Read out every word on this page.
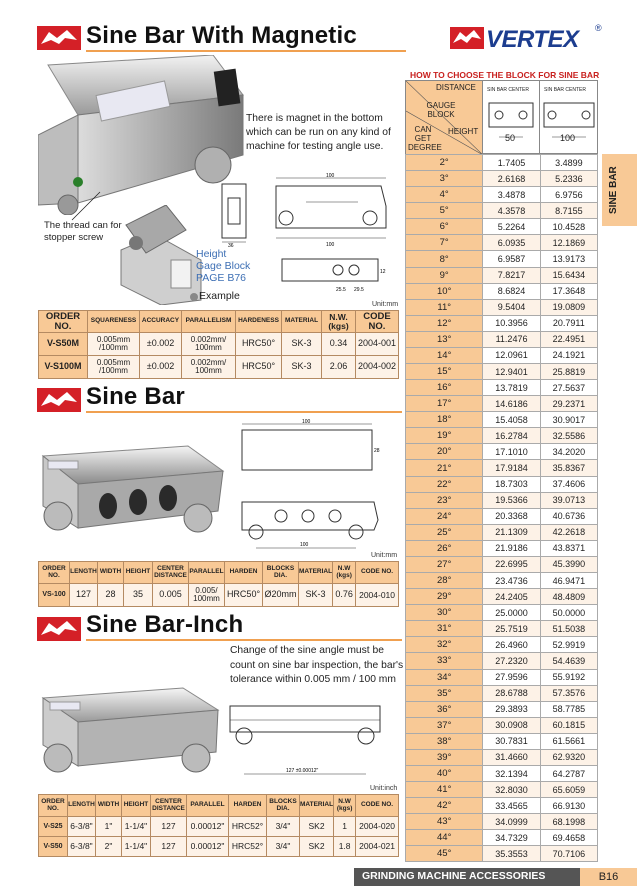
Sine Bar With Magnetic	VERTEX ®
There is magnet in the bottom which can be run on any kind of machine for testing angle use.
The thread can for stopper screw
Height
Gage Block
PAGE B76
Example
36
100
100
25.5 29.5
12
Unit:mm
ORDER NO.	SQUARENESS	ACCURACY	PARALLELISM	HARDENESS	MATERIAL	N.W. (kgs)	CODE NO.
V-S50M	0.005mm /100mm	±0.002	0.002mm/ 100mm	HRC50°	SK-3	0.34	2004-001
V-S100M	0.005mm /100mm	±0.002	0.002mm/ 100mm	HRC50°	SK-3	2.06	2004-002
Sine Bar
100
28
100
Unit:mm
ORDER NO.	LENGTH	WIDTH	HEIGHT	CENTER DISTANCE	PARALLEL	HARDEN	BLOCKS DIA.	MATERIAL	N.W (kgs)	CODE NO.
VS-100	127	28	35	0.005	0.005/ 100mm	HRC50°	Ø20mm	SK-3	0.76	2004-010
Sine Bar-Inch
Change of the sine angle must be count on sine bar inspection, the bar's tolerance within 0.005 mm / 100 mm
127 ±0.00012"
Unit:inch
ORDER NO.	LENGTH	WIDTH	HEIGHT	CENTER DISTANCE	PARALLEL	HARDEN	BLOCKS DIA.	MATERIAL	N.W (kgs)	CODE NO.
V-S25	6-3/8"	1"	1-1/4"	127	0.00012"	HRC52°	3/4"	SK2	1	2004-020
V-S50	6-3/8"	2"	1-1/4"	127	0.00012"	HRC52°	3/4"	SK2	1.8	2004-021
HOW TO CHOOSE THE BLOCK FOR SINE BAR
DISTANCE
GAUGE BLOCK
HEIGHT
CAN GET DEGREE
SIN BAR CENTER
50
SIN BAR CENTER
100
2°	1.7405	3.4899
3°	2.6168	5.2336
4°	3.4878	6.9756
5°	4.3578	8.7155
6°	5.2264	10.4528
7°	6.0935	12.1869
8°	6.9587	13.9173
9°	7.8217	15.6434
10°	8.6824	17.3648
11°	9.5404	19.0809
12°	10.3956	20.7911
13°	11.2476	22.4951
14°	12.0961	24.1921
15°	12.9401	25.8819
16°	13.7819	27.5637
17°	14.6186	29.2371
18°	15.4058	30.9017
19°	16.2784	32.5586
20°	17.1010	34.2020
21°	17.9184	35.8367
22°	18.7303	37.4606
23°	19.5366	39.0713
24°	20.3368	40.6736
25°	21.1309	42.2618
26°	21.9186	43.8371
27°	22.6995	45.3990
28°	23.4736	46.9471
29°	24.2405	48.4809
30°	25.0000	50.0000
31°	25.7519	51.5038
32°	26.4960	52.9919
33°	27.2320	54.4639
34°	27.9596	55.9192
35°	28.6788	57.3576
36°	29.3893	58.7785
37°	30.0908	60.1815
38°	30.7831	61.5661
39°	31.4660	62.9320
40°	32.1394	64.2787
41°	32.8030	65.6059
42°	33.4565	66.9130
43°	34.0999	68.1998
44°	34.7329	69.4658
45°	35.3553	70.7106
SINE BAR
GRINDING MACHINE ACCESSORIES	B16
